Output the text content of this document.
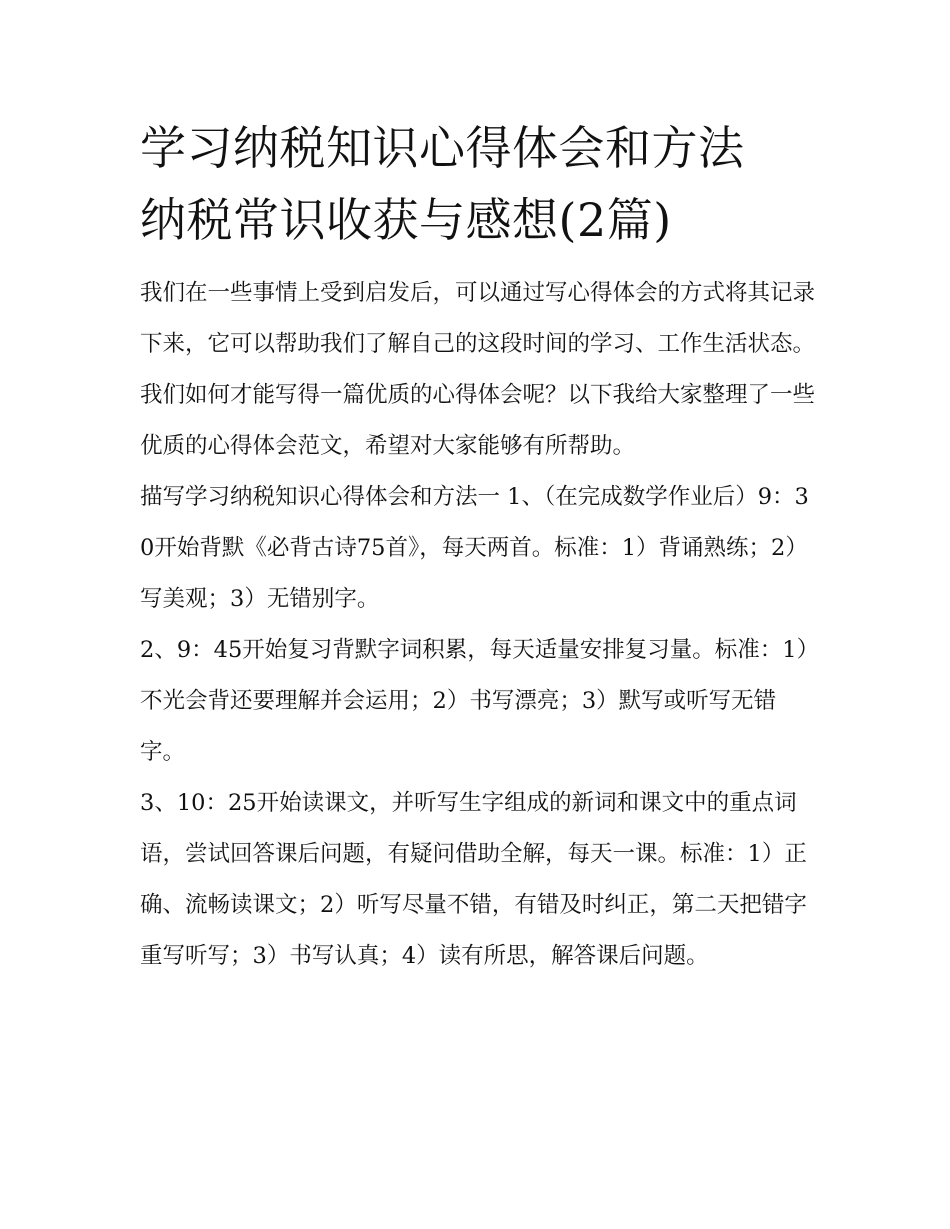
学习纳税知识心得体会和方法
纳税常识收获与感想(2篇)

我们在一些事情上受到启发后，可以通过写心得体会的方式将其记录下来，它可以帮助我们了解自己的这段时间的学习、工作生活状态。我们如何才能写得一篇优质的心得体会呢？以下我给大家整理了一些优质的心得体会范文，希望对大家能够有所帮助。

描写学习纳税知识心得体会和方法一 1、（在完成数学作业后）9：30开始背默《必背古诗75首》，每天两首。标准：1）背诵熟练；2）写美观；3）无错别字。

2、9：45开始复习背默字词积累，每天适量安排复习量。标准：1）不光会背还要理解并会运用；2）书写漂亮；3）默写或听写无错字。

3、10：25开始读课文，并听写生字组成的新词和课文中的重点词语，尝试回答课后问题，有疑问借助全解，每天一课。标准：1）正确、流畅读课文；2）听写尽量不错，有错及时纠正，第二天把错字重写听写；3）书写认真；4）读有所思，解答课后问题。
